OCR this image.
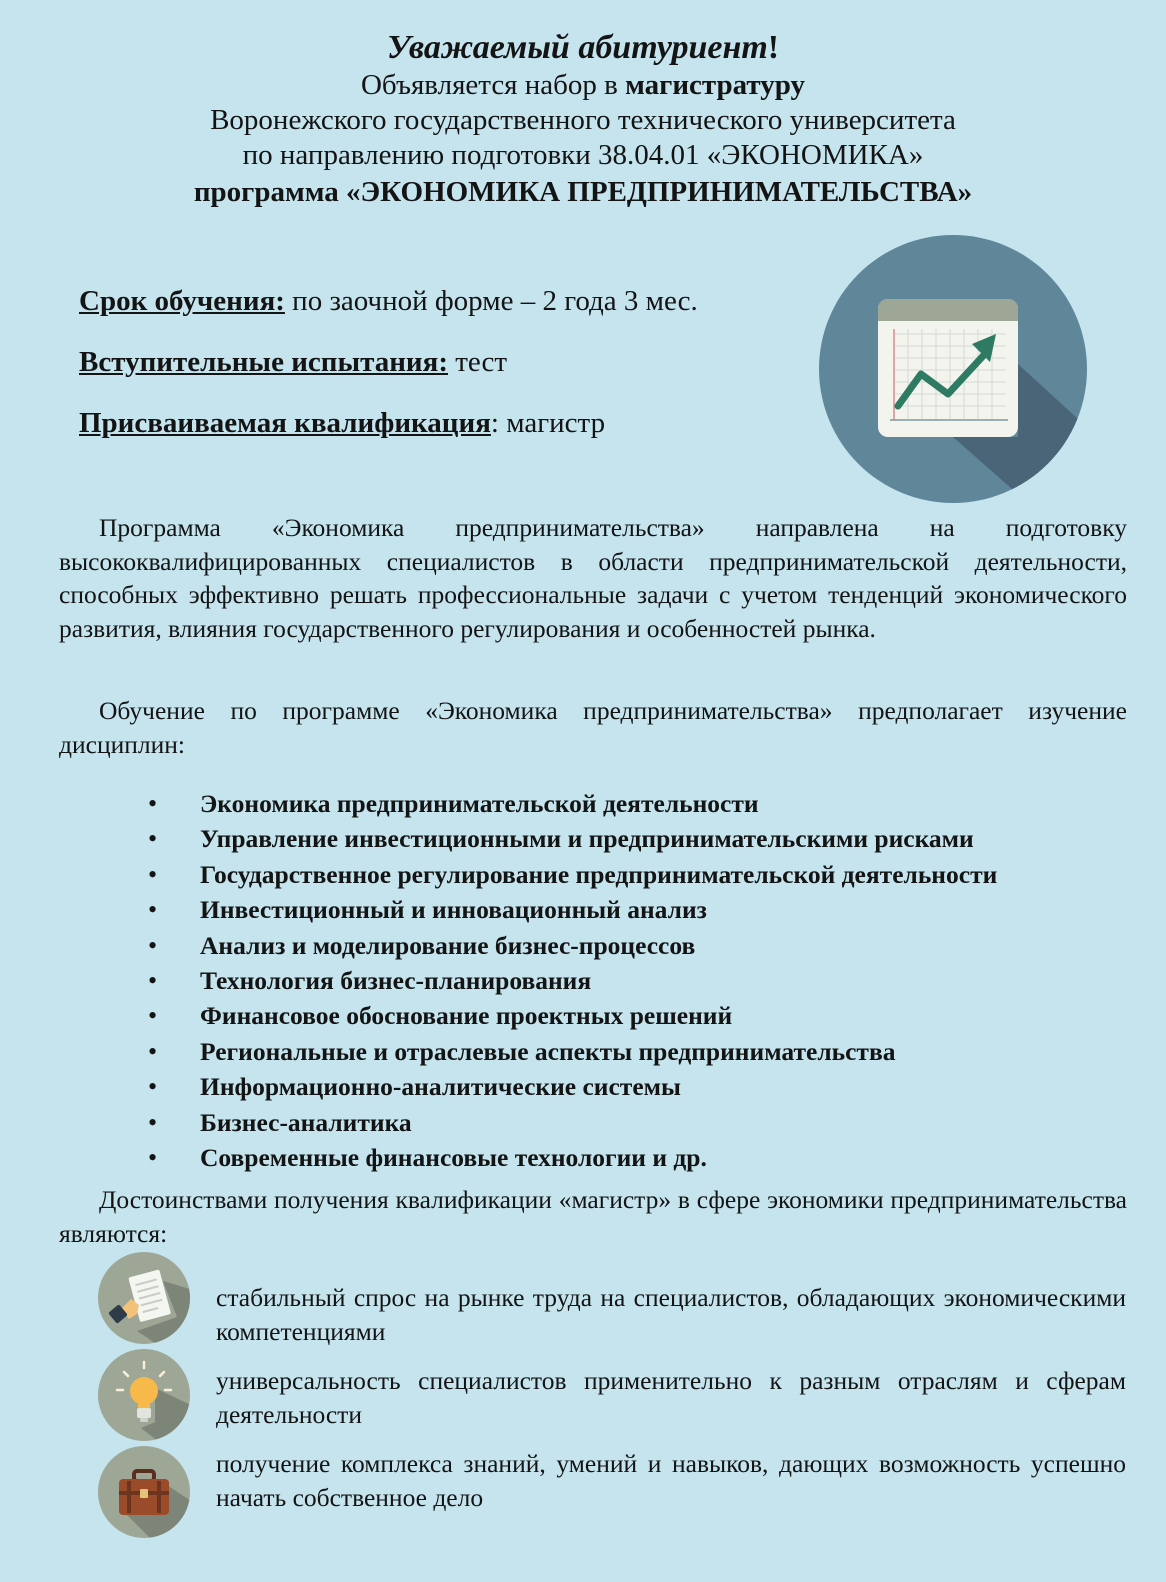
Уважаемый абитуриент!
Объявляется набор в магистратуру
Воронежского государственного технического университета
по направлению подготовки 38.04.01 «ЭКОНОМИКА»
программа «ЭКОНОМИКА ПРЕДПРИНИМАТЕЛЬСТВА»
Срок обучения: по заочной форме – 2 года 3 мес.
Вступительные испытания: тест
Присваиваемая квалификация: магистр
Программа «Экономика предпринимательства» направлена на подготовку высококвалифицированных специалистов в области предпринимательской деятельности, способных эффективно решать профессиональные задачи с учетом тенденций экономического развития, влияния государственного регулирования и особенностей рынка.
Обучение по программе «Экономика предпринимательства» предполагает изучение дисциплин:
• Экономика предпринимательской деятельности
• Управление инвестиционными и предпринимательскими рисками
• Государственное регулирование предпринимательской деятельности
• Инвестиционный и инновационный анализ
• Анализ и моделирование бизнес-процессов
• Технология бизнес-планирования
• Финансовое обоснование проектных решений
• Региональные и отраслевые аспекты предпринимательства
• Информационно-аналитические системы
• Бизнес-аналитика
• Современные финансовые технологии и др.
Достоинствами получения квалификации «магистр» в сфере экономики предпринимательства являются:
стабильный спрос на рынке труда на специалистов, обладающих экономическими компетенциями
универсальность специалистов применительно к разным отраслям и сферам деятельности
получение комплекса знаний, умений и навыков, дающих возможность успешно начать собственное дело
